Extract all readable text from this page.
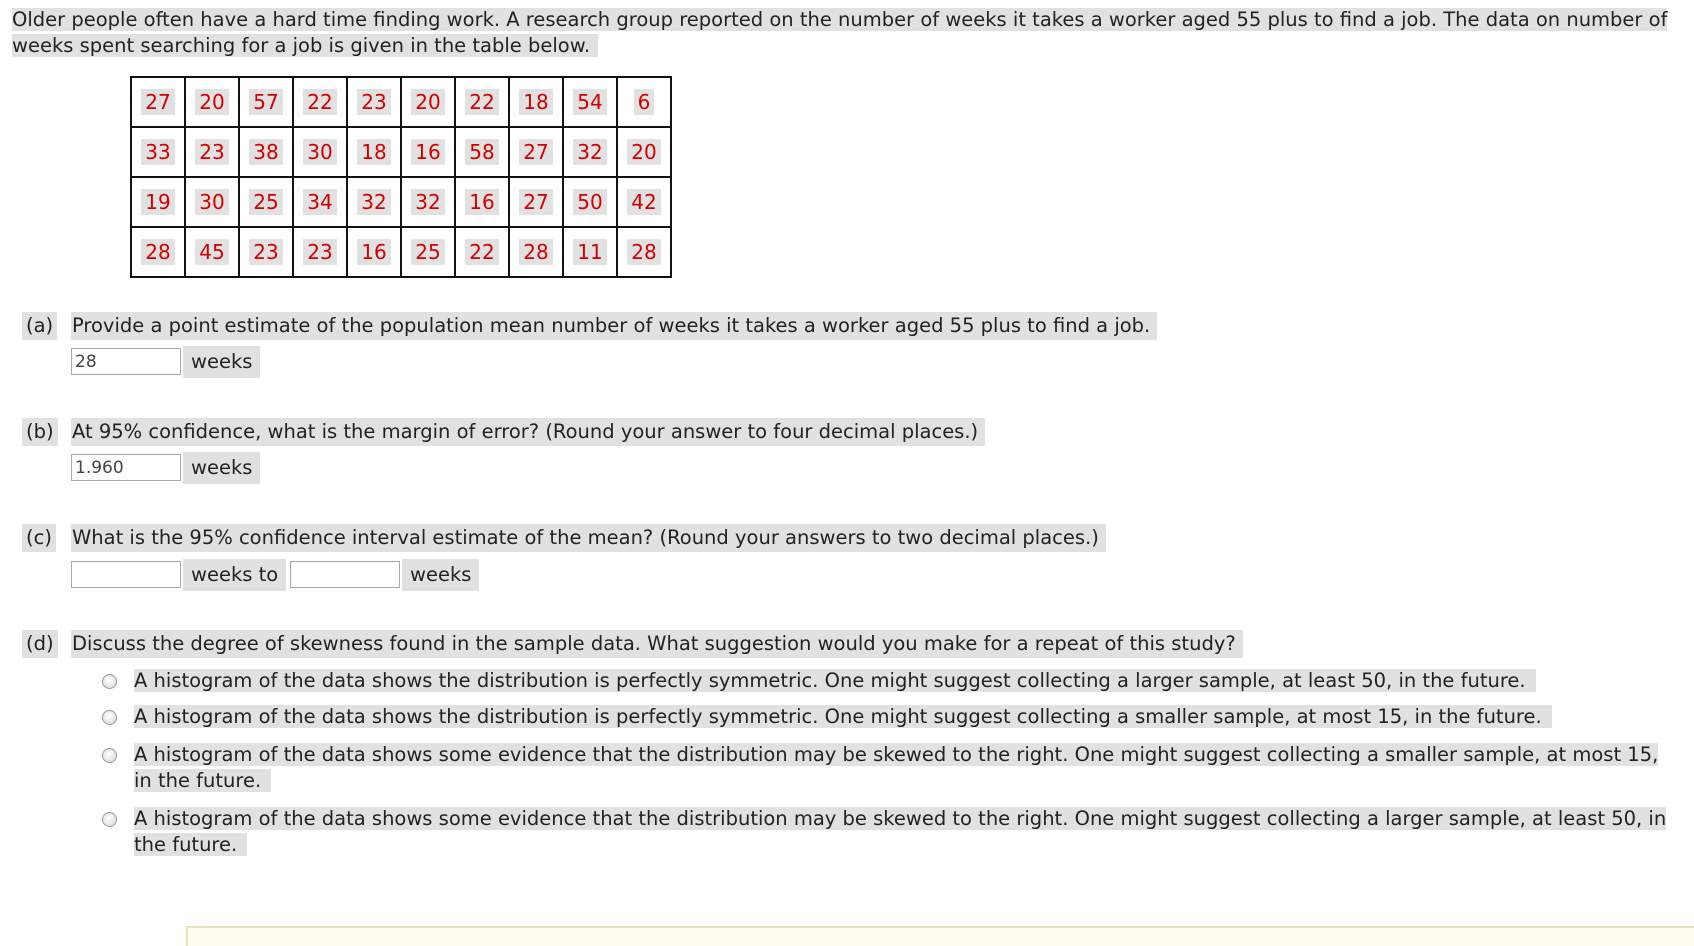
Older people often have a hard time finding work. A research group reported on the number of weeks it takes a worker aged 55 plus to find a job. The data on number of weeks spent searching for a job is given in the table below.

27	20	57	22	23	20	22	18	54	6
33	23	38	30	18	16	58	27	32	20
19	30	25	34	32	32	16	27	50	42
28	45	23	23	16	25	22	28	11	28
(a) Provide a point estimate of the population mean number of weeks it takes a worker aged 55 plus to find a job.
28
weeks
(b) At 95% confidence, what is the margin of error? (Round your answer to four decimal places.)
1.960
weeks
(c) What is the 95% confidence interval estimate of the mean? (Round your answers to two decimal places.)
weeks to	weeks
(d) Discuss the degree of skewness found in the sample data. What suggestion would you make for a repeat of this study?
A histogram of the data shows the distribution is perfectly symmetric. One might suggest collecting a larger sample, at least 50, in the future.
A histogram of the data shows the distribution is perfectly symmetric. One might suggest collecting a smaller sample, at most 15, in the future.
A histogram of the data shows some evidence that the distribution may be skewed to the right. One might suggest collecting a smaller sample, at most 15, in the future.
A histogram of the data shows some evidence that the distribution may be skewed to the right. One might suggest collecting a larger sample, at least 50, in the future.
